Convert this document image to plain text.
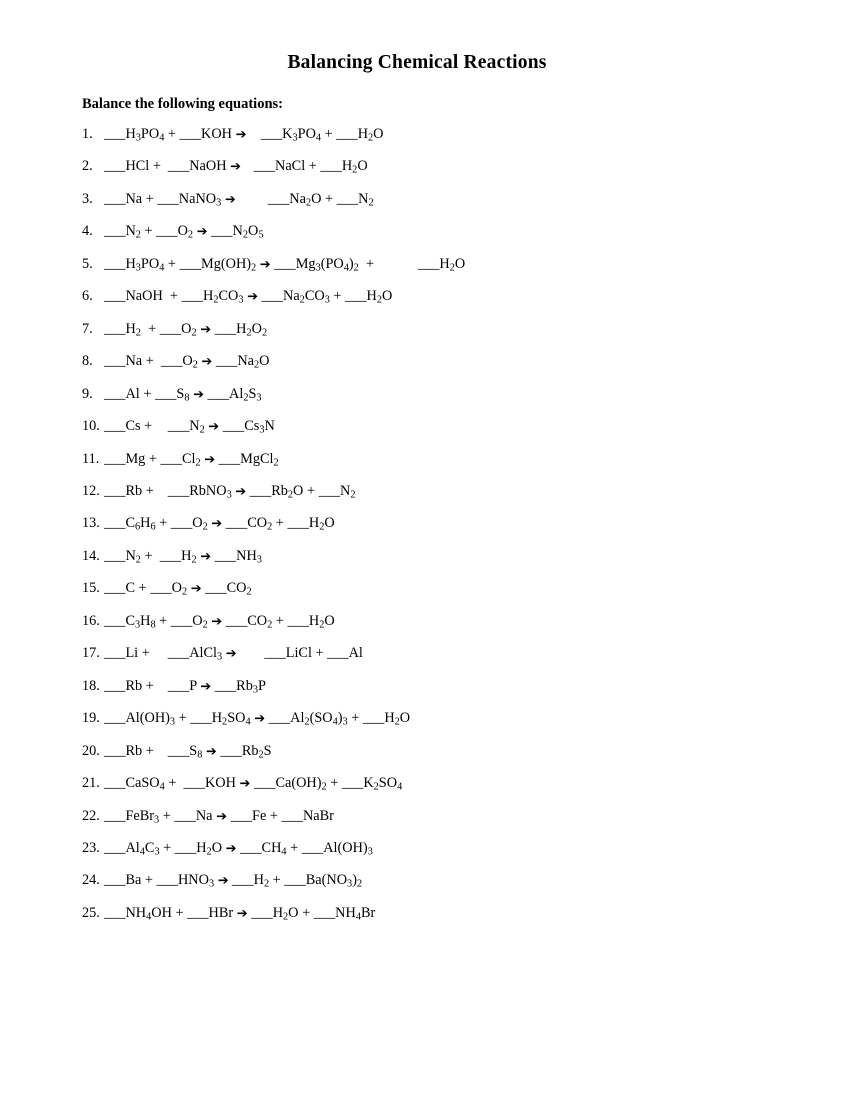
Balancing Chemical Reactions

Balance the following equations:

1. $\_\_\_H_3PO_4$ + ___KOH ➔	$\_\_\_K_3PO_4$ + $\_\_\_H_2O$
2. ___HCl +	___NaOH ➔	___NaCl + $\_\_\_H_2O$
3. ___Na + ___NaNO$_3$ ➔	$\_\_\_Na_2O$ + $\_\_\_N_2$
4. $\_\_\_N_2$ + $\_\_\_O_2$ ➔ $\_\_\_N_2O_5$
5. $\_\_\_H_3PO_4$ + $\_\_\_Mg(OH)_2$ ➔ $\_\_\_Mg_3(PO_4)_2$  +	$\_\_\_H_2O$
6. ___NaOH  + $\_\_\_H_2CO_3$ ➔ $\_\_\_Na_2CO_3$ + $\_\_\_H_2O$
7. $\_\_\_H_2$  + $\_\_\_O_2$ ➔ $\_\_\_H_2O_2$
8. ___Na +  $\_\_\_O_2$ ➔ $\_\_\_Na_2O$
9. ___Al + $\_\_\_S_8$ ➔ $\_\_\_Al_2S_3$
10. ___Cs +	$\_\_\_N_2$ ➔ $\_\_\_Cs_3N$
11. ___Mg + $\_\_\_Cl_2$ ➔ ___MgCl$_2$
12. ___Rb +	___RbNO$_3$ ➔ $\_\_\_Rb_2O$ + $\_\_\_N_2$
13. $\_\_\_C_6H_6$ + $\_\_\_O_2$ ➔ $\_\_\_CO_2$ + $\_\_\_H_2O$
14. $\_\_\_N_2$ +  $\_\_\_H_2$ ➔ $\_\_\_NH_3$
15. ___C + $\_\_\_O_2$ ➔ $\_\_\_CO_2$
16. $\_\_\_C_3H_8$ + $\_\_\_O_2$ ➔ $\_\_\_CO_2$ + $\_\_\_H_2O$
17. ___Li +	___AlCl$_3$ ➔	___LiCl + ___Al
18. ___Rb +	___P ➔ $\_\_\_Rb_3P$
19. $\_\_\_Al(OH)_3$ + $\_\_\_H_2SO_4$ ➔ $\_\_\_Al_2(SO_4)_3$ + $\_\_\_H_2O$
20. ___Rb +	$\_\_\_S_8$ ➔ $\_\_\_Rb_2S$
21. ___CaSO$_4$ +  ___KOH ➔ $\_\_\_Ca(OH)_2$ + $\_\_\_K_2SO_4$
22. ___FeBr$_3$ + ___Na ➔ ___Fe + ___NaBr
23. $\_\_\_Al_4C_3$ + $\_\_\_H_2O$ ➔ $\_\_\_CH_4$ + $\_\_\_Al(OH)_3$
24. ___Ba + $\_\_\_HNO_3$ ➔ $\_\_\_H_2$ + $\_\_\_Ba(NO_3)_2$
25. $\_\_\_NH_4OH$ + ___HBr ➔ $\_\_\_H_2O$ + $\_\_\_NH_4Br$
